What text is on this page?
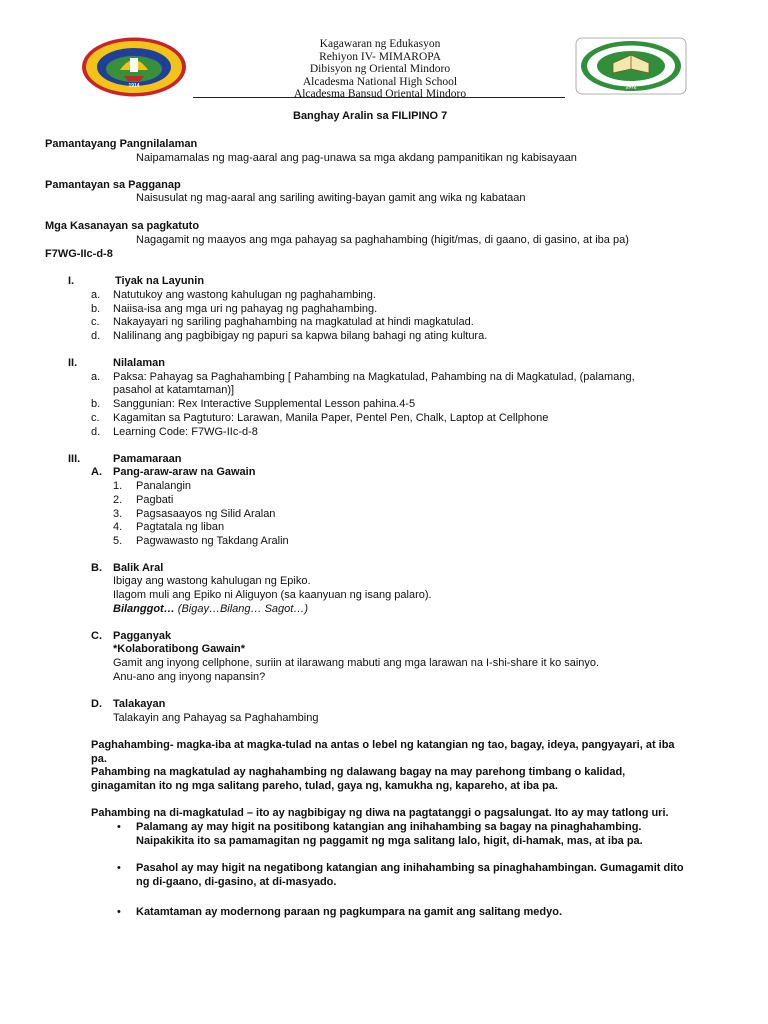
1914	1972
Kagawaran ng Edukasyon
Rehiyon IV- MIMAROPA
Dibisyon ng Oriental Mindoro
Alcadesma National High School
Alcadesma Bansud Oriental Mindoro
Banghay Aralin sa FILIPINO 7
Pamantayang Pangnilalaman
Naipamamalas ng mag-aaral ang pag-unawa sa mga akdang pampanitikan ng kabisayaan
Pamantayan sa Pagganap
Naisusulat ng mag-aaral ang sariling awiting-bayan gamit ang wika ng kabataan
Mga Kasanayan sa pagkatuto
Nagagamit ng maayos ang mga pahayag sa paghahambing (higit/mas, di gaano, di gasino, at iba pa)
F7WG-IIc-d-8
I.	Tiyak na Layunin
a. Natutukoy ang wastong kahulugan ng paghahambing.
b. Naiisa-isa ang mga uri ng pahayag ng paghahambing.
c. Nakayayari ng sariling paghahambing na magkatulad at hindi magkatulad.
d. Nalilinang ang pagbibigay ng papuri sa kapwa bilang bahagi ng ating kultura.
II.	Nilalaman
a. Paksa: Pahayag sa Paghahambing [ Pahambing na Magkatulad, Pahambing na di Magkatulad, (palamang,
pasahol at katamtaman)]
b. Sanggunian: Rex Interactive Supplemental Lesson pahina.4-5
c. Kagamitan sa Pagtuturo: Larawan, Manila Paper, Pentel Pen, Chalk, Laptop at Cellphone
d. Learning Code: F7WG-IIc-d-8
III.	Pamamaraan
A. Pang-araw-araw na Gawain
1. Panalangin
2. Pagbati
3. Pagsasaayos ng Silid Aralan
4. Pagtatala ng liban
5. Pagwawasto ng Takdang Aralin
B. Balik Aral
Ibigay ang wastong kahulugan ng Epiko.
Ilagom muli ang Epiko ni Aliguyon (sa kaanyuan ng isang palaro).
Bilanggot… (Bigay…Bilang… Sagot…)
C. Pagganyak
*Kolaboratibong Gawain*
Gamit ang inyong cellphone, suriin at ilarawang mabuti ang mga larawan na I-shi-share it ko sainyo.
Anu-ano ang inyong napansin?
D. Talakayan
Talakayin ang Pahayag sa Paghahambing
Paghahambing- magka-iba at magka-tulad na antas o lebel ng katangian ng tao, bagay, ideya, pangyayari, at iba
pa.
Pahambing na magkatulad ay naghahambing ng dalawang bagay na may parehong timbang o kalidad,
ginagamitan ito ng mga salitang pareho, tulad, gaya ng, kamukha ng, kapareho, at iba pa.
Pahambing na di-magkatulad – ito ay nagbibigay ng diwa na pagtatanggi o pagsalungat. Ito ay may tatlong uri.
• Palamang ay may higit na positibong katangian ang inihahambing sa bagay na pinaghahambing.
Naipakikita ito sa pamamagitan ng paggamit ng mga salitang lalo, higit, di-hamak, mas, at iba pa.
• Pasahol ay may higit na negatibong katangian ang inihahambing sa pinaghahambingan. Gumagamit dito
ng di-gaano, di-gasino, at di-masyado.
• Katamtaman ay modernong paraan ng pagkumpara na gamit ang salitang medyo.
